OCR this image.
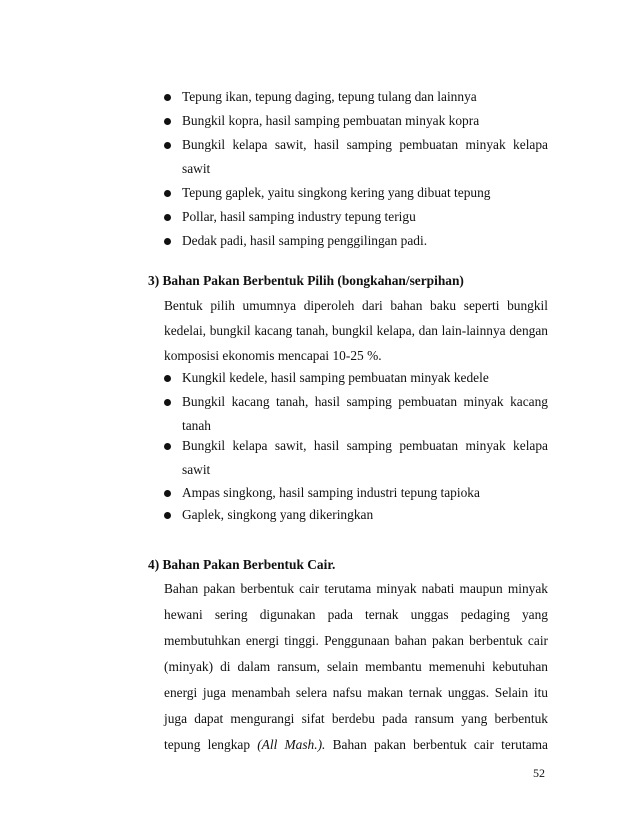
Tepung ikan, tepung daging, tepung tulang dan lainnya
Bungkil kopra, hasil samping pembuatan minyak kopra
Bungkil kelapa sawit, hasil samping pembuatan minyak kelapa
sawit
Tepung gaplek, yaitu singkong kering yang dibuat tepung
Pollar, hasil samping industry tepung terigu
Dedak padi, hasil samping penggilingan padi.
3) Bahan Pakan Berbentuk Pilih (bongkahan/serpihan)
Bentuk pilih umumnya diperoleh dari bahan baku seperti bungkil
kedelai, bungkil kacang tanah, bungkil kelapa, dan lain-lainnya dengan
komposisi ekonomis mencapai 10-25 %.
Kungkil kedele, hasil samping pembuatan minyak kedele
Bungkil kacang tanah, hasil samping pembuatan minyak kacang
tanah
Bungkil kelapa sawit, hasil samping pembuatan minyak kelapa
sawit
Ampas singkong, hasil samping industri tepung tapioka
Gaplek, singkong yang dikeringkan
4) Bahan Pakan Berbentuk Cair.
Bahan pakan berbentuk cair terutama minyak nabati maupun minyak
hewani sering digunakan pada ternak unggas pedaging yang
membutuhkan energi tinggi. Penggunaan bahan pakan berbentuk cair
(minyak) di dalam ransum, selain membantu memenuhi kebutuhan
energi juga menambah selera nafsu makan ternak unggas. Selain itu
juga dapat mengurangi sifat berdebu pada ransum yang berbentuk
tepung lengkap (All Mash.). Bahan pakan berbentuk cair terutama
52
